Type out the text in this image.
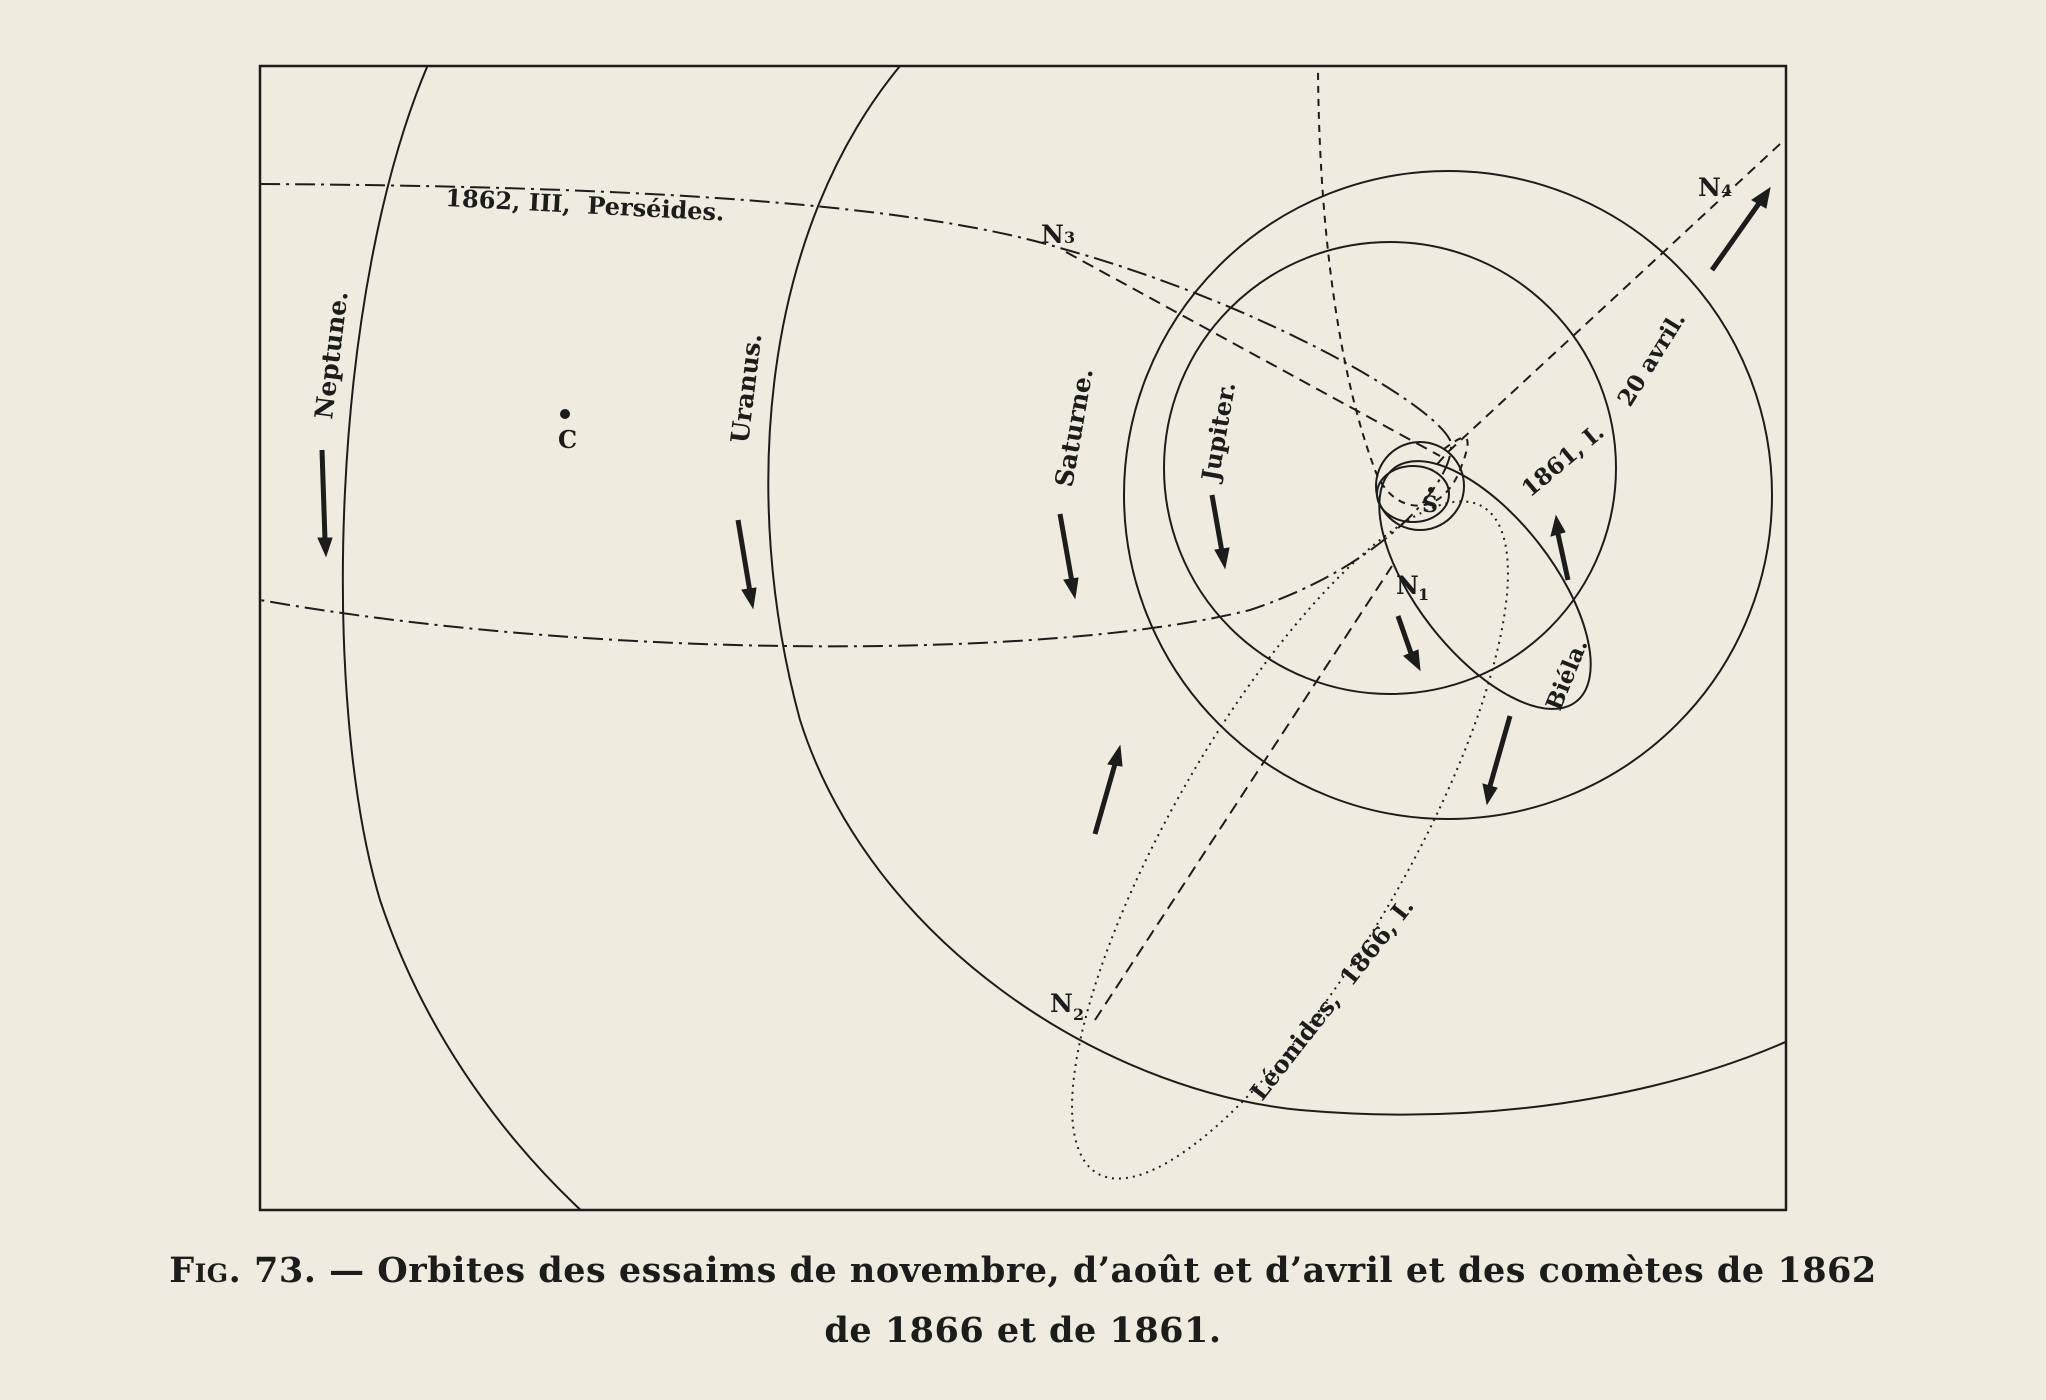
Neptune.	Uranus.	Saturne.	Jupiter.
C
S
1862, III,  Perséides.
N 1
N 2
N 3
N 4
1861, I.
20 avril.
Biéla.
Léonides,  1866, I.
Fig. 73. — Orbites des essaims de novembre, d’août et d’avril et des comètes de 1862
de 1866 et de 1861.
